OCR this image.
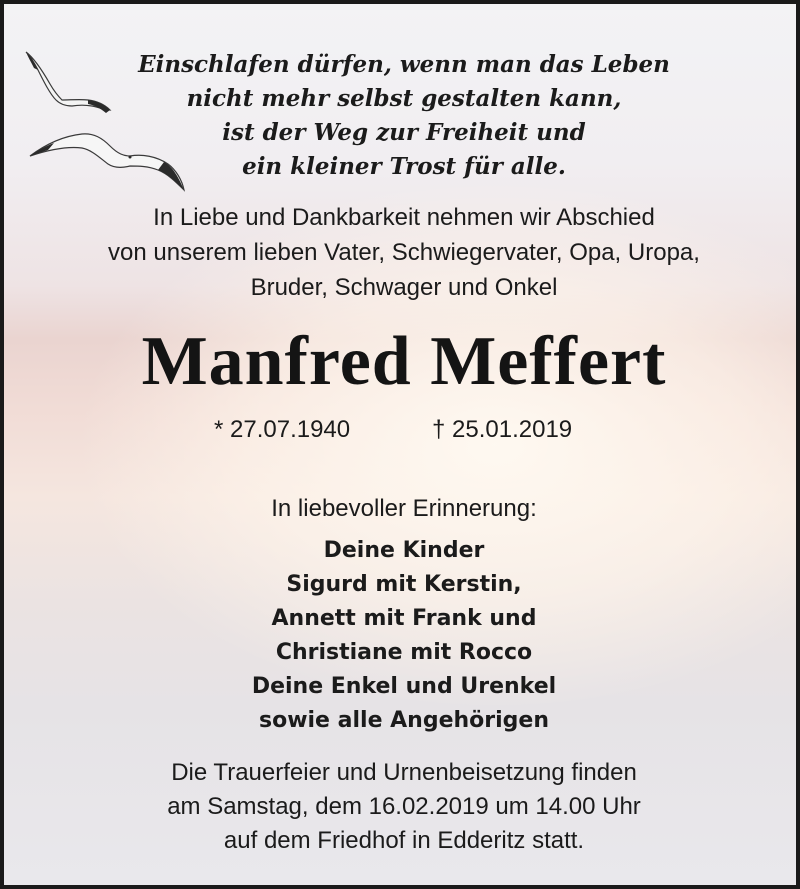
Einschlafen dürfen, wenn man das Leben
nicht mehr selbst gestalten kann,
ist der Weg zur Freiheit und
ein kleiner Trost für alle.

In Liebe und Dankbarkeit nehmen wir Abschied
von unserem lieben Vater, Schwiegervater, Opa, Uropa,
Bruder, Schwager und Onkel

Manfred Meffert
* 27.07.1940	† 25.01.2019

In liebevoller Erinnerung:

Deine Kinder
Sigurd mit Kerstin,
Annett mit Frank und
Christiane mit Rocco
Deine Enkel und Urenkel
sowie alle Angehörigen

Die Trauerfeier und Urnenbeisetzung finden
am Samstag, dem 16.02.2019 um 14.00 Uhr
auf dem Friedhof in Edderitz statt.
